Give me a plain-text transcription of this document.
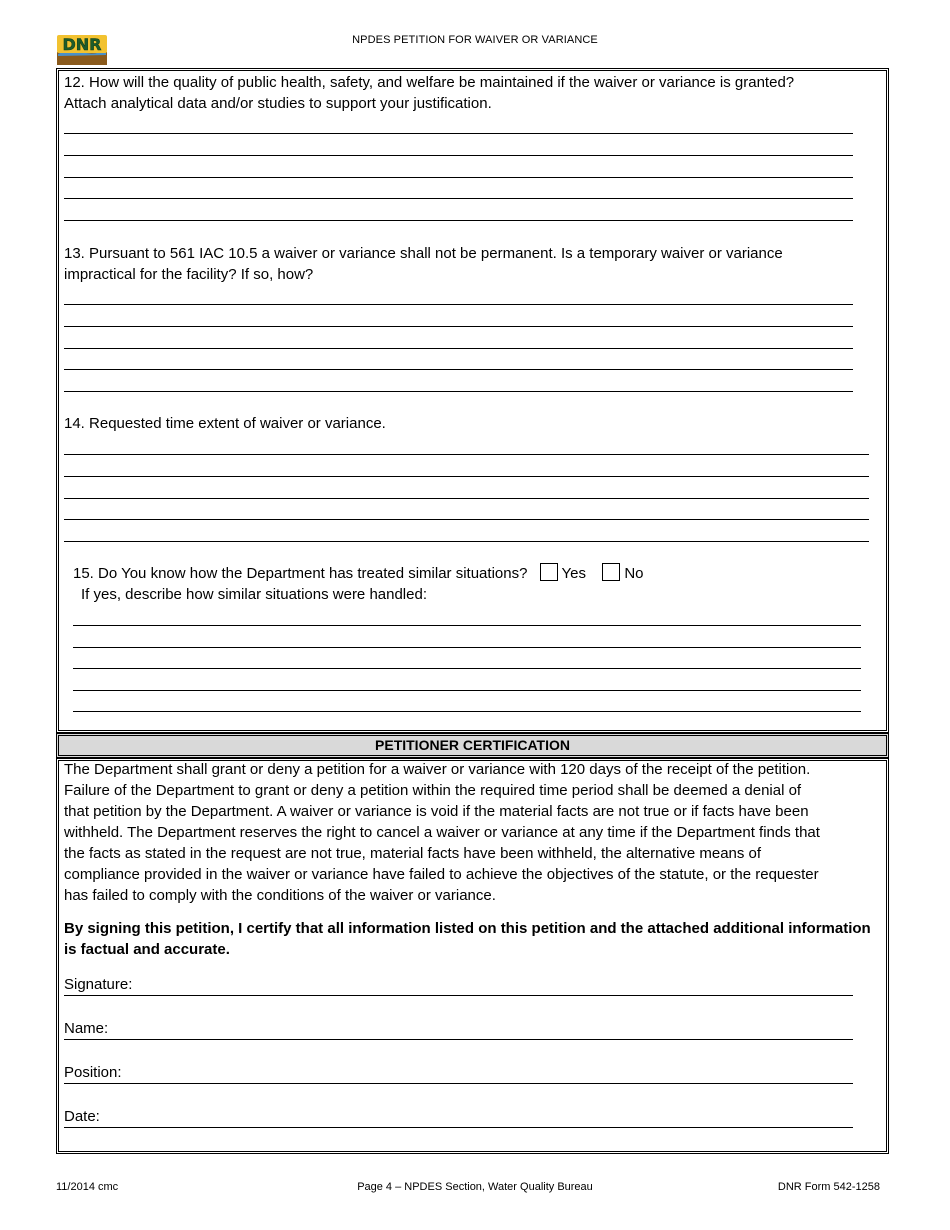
DNR	NPDES PETITION FOR WAIVER OR VARIANCE
12. How will the quality of public health, safety, and welfare be maintained if the waiver or variance is granted?
Attach analytical data and/or studies to support your justification.
13. Pursuant to 561 IAC 10.5 a waiver or variance shall not be permanent. Is a temporary waiver or variance
impractical for the facility? If so, how?
14. Requested time extent of waiver or variance.
15. Do You know how the Department has treated similar situations? Yes	No
If yes, describe how similar situations were handled:
PETITIONER CERTIFICATION
The Department shall grant or deny a petition for a waiver or variance with 120 days of the receipt of the petition.
Failure of the Department to grant or deny a petition within the required time period shall be deemed a denial of
that petition by the Department. A waiver or variance is void if the material facts are not true or if facts have been
withheld. The Department reserves the right to cancel a waiver or variance at any time if the Department finds that
the facts as stated in the request are not true, material facts have been withheld, the alternative means of
compliance provided in the waiver or variance have failed to achieve the objectives of the statute, or the requester
has failed to comply with the conditions of the waiver or variance.
By signing this petition, I certify that all information listed on this petition and the attached additional information
is factual and accurate.
Signature:
Name:
Position:
Date:
11/2014 cmc	Page 4 – NPDES Section, Water Quality Bureau	DNR Form 542-1258
